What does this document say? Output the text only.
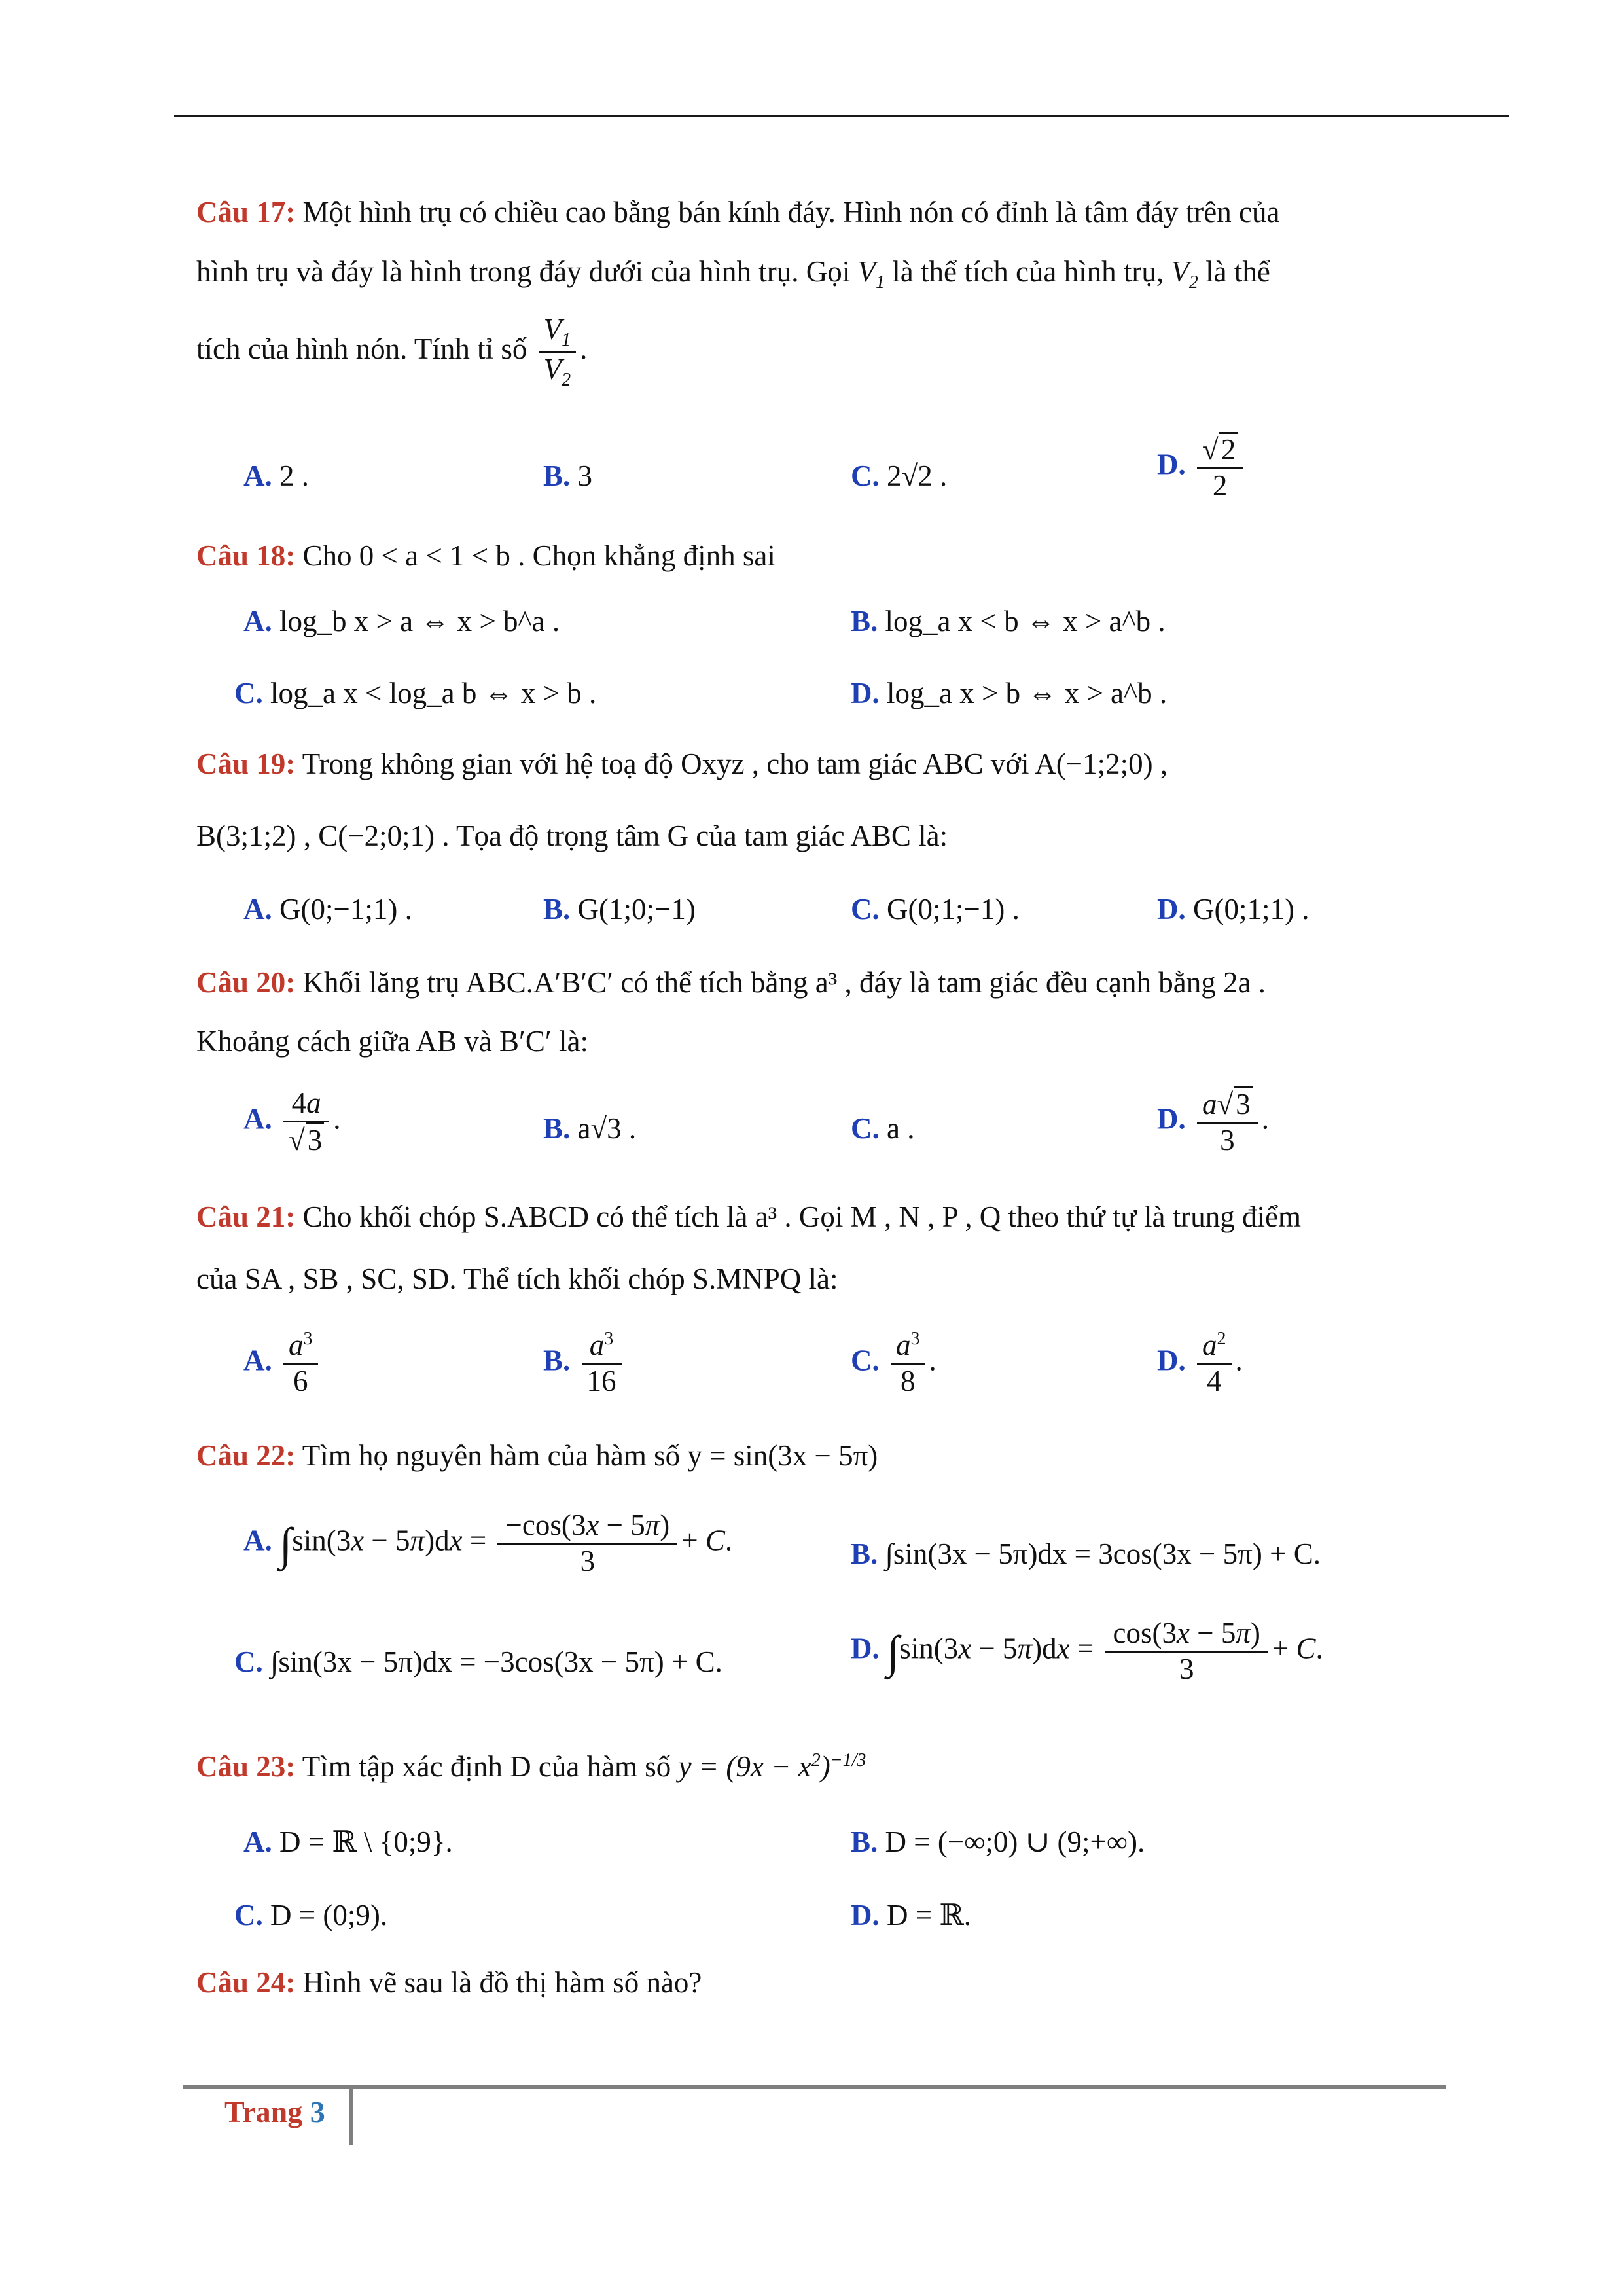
Câu 17: Một hình trụ có chiều cao bằng bán kính đáy. Hình nón có đỉnh là tâm đáy trên của
hình trụ và đáy là hình trong đáy dưới của hình trụ. Gọi $V_1$ là thể tích của hình trụ, $V_2$ là thể
tích của hình nón. Tính tỉ số $\frac{V_1}{V_2}$ .
A. 2 .	B. 3	C. 2√2 .	D. $\frac{√2}{2}$
Câu 18: Cho 0 < a < 1 < b . Chọn khẳng định sai
A. log_b x > a ⇔ x > b^a .	B. log_a x < b ⇔ x > a^b .
C. log_a x < log_a b ⇔ x > b .	D. log_a x > b ⇔ x > a^b .
Câu 19: Trong không gian với hệ toạ độ Oxyz , cho tam giác ABC với A(−1;2;0) ,
B(3;1;2) , C(−2;0;1) . Tọa độ trọng tâm G của tam giác ABC là:
A. G(0;−1;1) .	B. G(1;0;−1)	C. G(0;1;−1) .	D. G(0;1;1) .
Câu 20: Khối lăng trụ ABC.A′B′C′ có thể tích bằng a³ , đáy là tam giác đều cạnh bằng 2a .
Khoảng cách giữa AB và B′C′ là:
A. $\frac{4a}{√3}$ .	B. a√3 .	C. a .	D. $\frac{a√3}{3}$ .
Câu 21: Cho khối chóp S.ABCD có thể tích là a³ . Gọi M , N , P , Q theo thứ tự là trung điểm
của SA , SB , SC, SD. Thể tích khối chóp S.MNPQ là:
A. $\frac{a^3}{6}$	B. $\frac{a^3}{16}$	C. $\frac{a^3}{8}$ .	D. $\frac{a^2}{4}$ .
Câu 22: Tìm họ nguyên hàm của hàm số y = sin(3x − 5π)
A. $\int\sin(3x - 5\pi)dx = \frac{-\cos(3x - 5\pi)}{3} + C$.	B. ∫sin(3x − 5π)dx = 3cos(3x − 5π) + C.
C. ∫sin(3x − 5π)dx = −3cos(3x − 5π) + C.	D. $\int\sin(3x - 5\pi)dx = \frac{\cos(3x - 5\pi)}{3} + C$.
Câu 23: Tìm tập xác định D của hàm số $y = (9x - x^2)^{-1/3}$
A. D = ℝ \ {0;9}.	B. D = (−∞;0) ∪ (9;+∞).
C. D = (0;9).	D. D = ℝ.
Câu 24: Hình vẽ sau là đồ thị hàm số nào?
Trang 3
